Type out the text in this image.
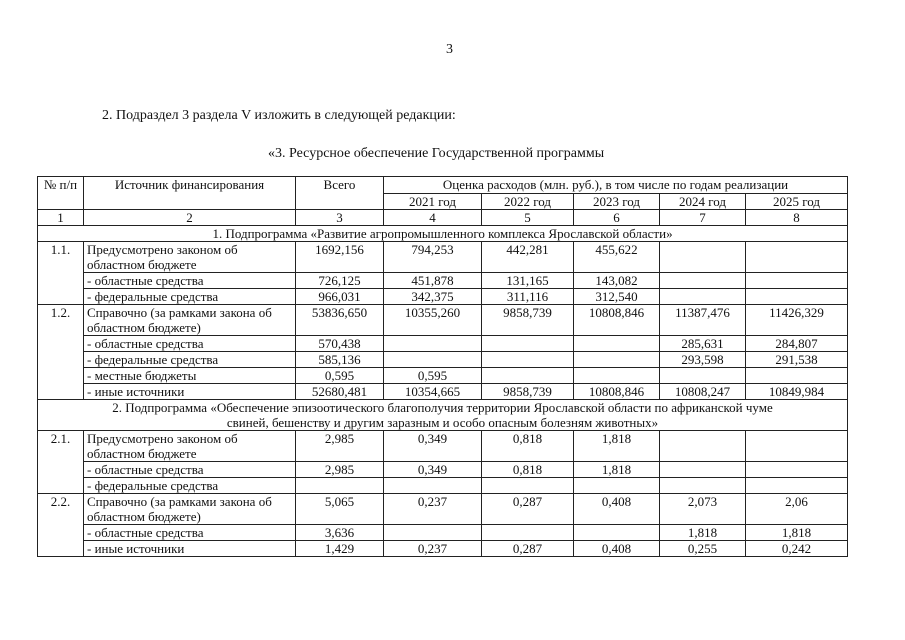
3
2. Подраздел 3 раздела V изложить в следующей редакции:
«3. Ресурсное обеспечение Государственной программы
№ п/п	Источник финансирования	Всего	Оценка расходов (млн. руб.), в том числе по годам реализации				
			2021 год	2022 год	2023 год	2024 год	2025 год
1	2	3	4	5	6	7	8
1. Подпрограмма «Развитие агропромышленного комплекса Ярославской области»							
1.1.	Предусмотрено законом об областном бюджете	1692,156	794,253	442,281	455,622		
	- областные средства	726,125	451,878	131,165	143,082		
	- федеральные средства	966,031	342,375	311,116	312,540		
1.2.	Справочно (за рамками закона об областном бюджете)	53836,650	10355,260	9858,739	10808,846	11387,476	11426,329
	- областные средства	570,438				285,631	284,807
	- федеральные средства	585,136				293,598	291,538
	- местные бюджеты	0,595	0,595				
	- иные источники	52680,481	10354,665	9858,739	10808,846	10808,247	10849,984
2. Подпрограмма «Обеспечение эпизоотического благополучия территории Ярославской области по африканской чуме свиней, бешенству и другим заразным и особо опасным болезням животных»							
2.1.	Предусмотрено законом об областном бюджете	2,985	0,349	0,818	1,818		
	- областные средства	2,985	0,349	0,818	1,818		
	- федеральные средства						
2.2.	Справочно (за рамками закона об областном бюджете)	5,065	0,237	0,287	0,408	2,073	2,06
	- областные средства	3,636				1,818	1,818
	- иные источники	1,429	0,237	0,287	0,408	0,255	0,242
